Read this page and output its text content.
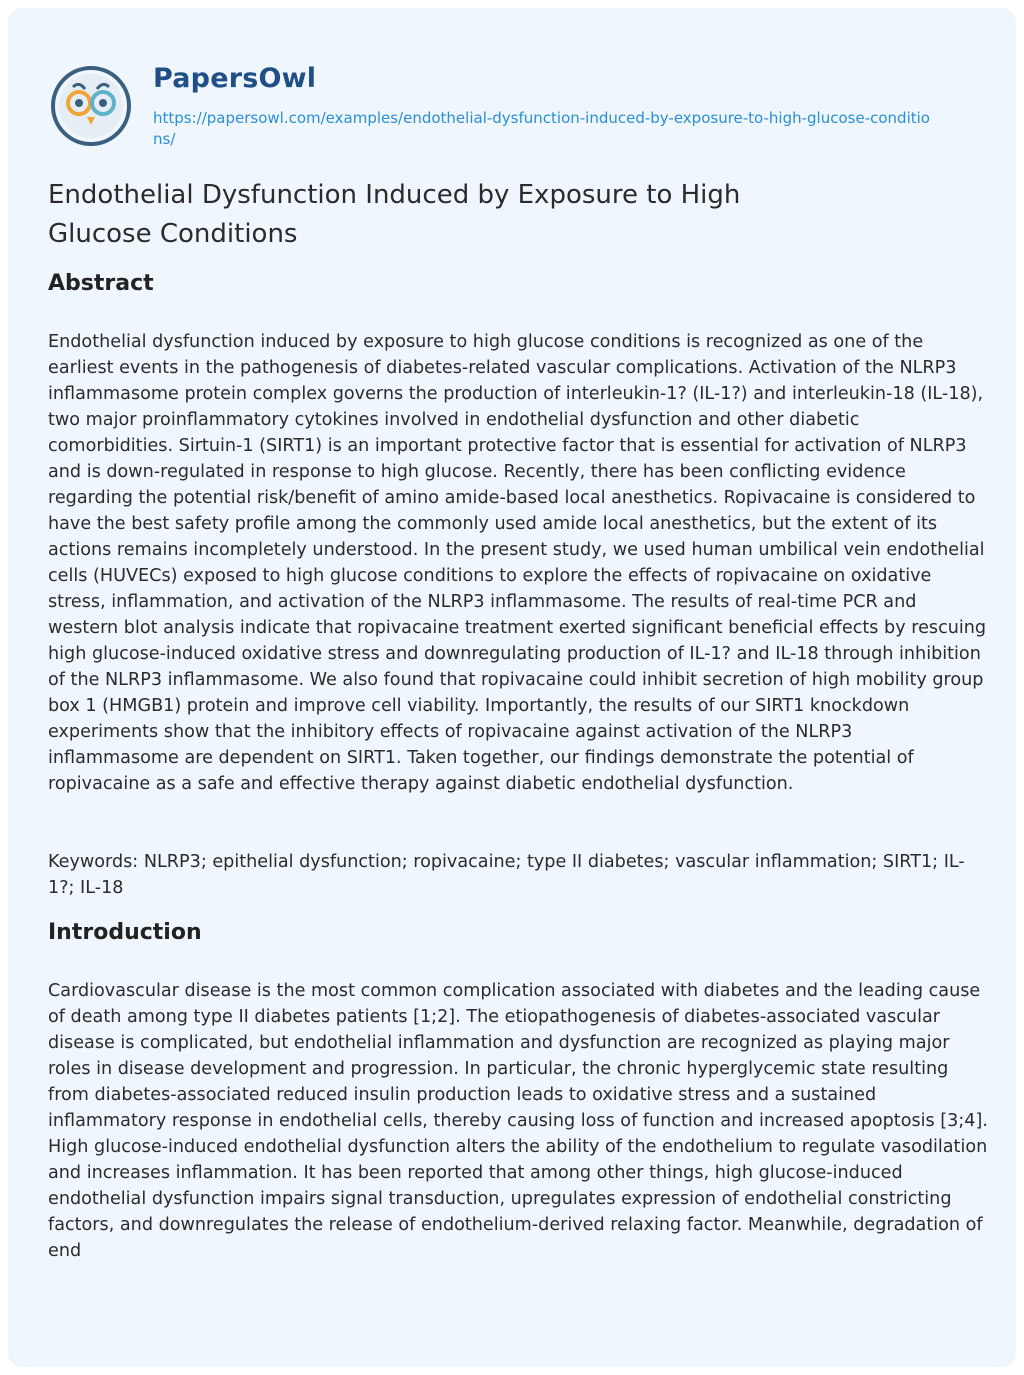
PapersOwl
https://papersowl.com/examples/endothelial-dysfunction-induced-by-exposure-to-high-glucose-conditions/
Endothelial Dysfunction Induced by Exposure to High Glucose Conditions
Abstract

Endothelial dysfunction induced by exposure to high glucose conditions is recognized as one of the earliest events in the pathogenesis of diabetes-related vascular complications. Activation of the NLRP3 inflammasome protein complex governs the production of interleukin-1? (IL-1?) and interleukin-18 (IL-18), two major proinflammatory cytokines involved in endothelial dysfunction and other diabetic comorbidities. Sirtuin-1 (SIRT1) is an important protective factor that is essential for activation of NLRP3 and is down-regulated in response to high glucose. Recently, there has been conflicting evidence regarding the potential risk/benefit of amino amide-based local anesthetics. Ropivacaine is considered to have the best safety profile among the commonly used amide local anesthetics, but the extent of its actions remains incompletely understood. In the present study, we used human umbilical vein endothelial cells (HUVECs) exposed to high glucose conditions to explore the effects of ropivacaine on oxidative stress, inflammation, and activation of the NLRP3 inflammasome. The results of real-time PCR and western blot analysis indicate that ropivacaine treatment exerted significant beneficial effects by rescuing high glucose-induced oxidative stress and downregulating production of IL-1? and IL-18 through inhibition of the NLRP3 inflammasome. We also found that ropivacaine could inhibit secretion of high mobility group box 1 (HMGB1) protein and improve cell viability. Importantly, the results of our SIRT1 knockdown experiments show that the inhibitory effects of ropivacaine against activation of the NLRP3 inflammasome are dependent on SIRT1. Taken together, our findings demonstrate the potential of ropivacaine as a safe and effective therapy against diabetic endothelial dysfunction.

Keywords: NLRP3; epithelial dysfunction; ropivacaine; type II diabetes; vascular inflammation; SIRT1; IL-1?; IL-18

Introduction

Cardiovascular disease is the most common complication associated with diabetes and the leading cause of death among type II diabetes patients [1;2]. The etiopathogenesis of diabetes-associated vascular disease is complicated, but endothelial inflammation and dysfunction are recognized as playing major roles in disease development and progression. In particular, the chronic hyperglycemic state resulting from diabetes-associated reduced insulin production leads to oxidative stress and a sustained inflammatory response in endothelial cells, thereby causing loss of function and increased apoptosis [3;4]. High glucose-induced endothelial dysfunction alters the ability of the endothelium to regulate vasodilation and increases inflammation. It has been reported that among other things, high glucose-induced endothelial dysfunction impairs signal transduction, upregulates expression of endothelial constricting factors, and downregulates the release of endothelium-derived relaxing factor. Meanwhile, degradation of end
